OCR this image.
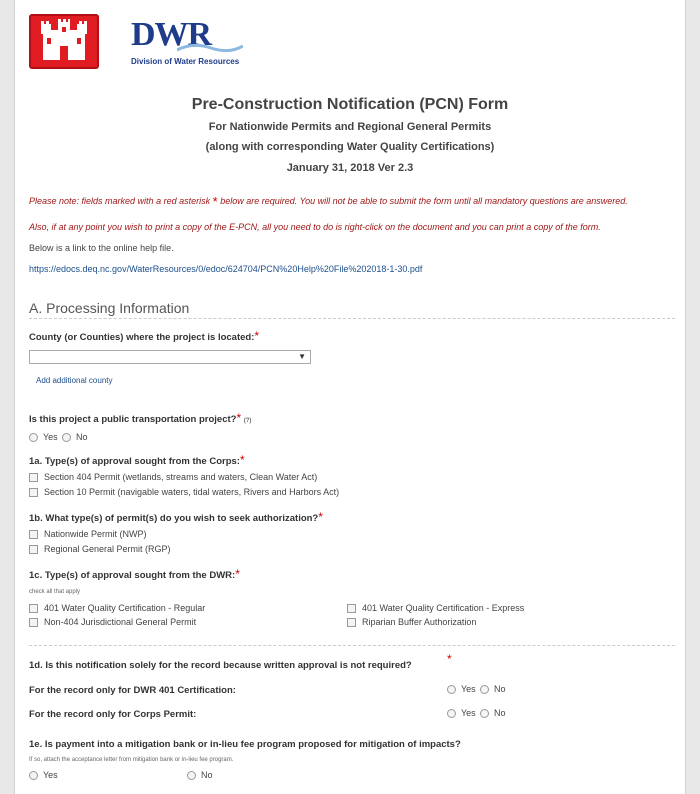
DWR
Division of Water Resources
Pre-Construction Notification (PCN) Form
For Nationwide Permits and Regional General Permits
(along with corresponding Water Quality Certifications)
January 31, 2018 Ver 2.3
Please note: fields marked with a red asterisk * below are required. You will not be able to submit the form until all mandatory questions are answered.
Also, if at any point you wish to print a copy of the E-PCN, all you need to do is right-click on the document and you can print a copy of the form.
Below is a link to the online help file.
https://edocs.deq.nc.gov/WaterResources/0/edoc/624704/PCN%20Help%20File%202018-1-30.pdf
A. Processing Information
County (or Counties) where the project is located:*
▼
Add additional county
Is this project a public transportation project?* (?)
Yes No
1a. Type(s) of approval sought from the Corps:*
Section 404 Permit (wetlands, streams and waters, Clean Water Act)
Section 10 Permit (navigable waters, tidal waters, Rivers and Harbors Act)
1b. What type(s) of permit(s) do you wish to seek authorization?*
Nationwide Permit (NWP)
Regional General Permit (RGP)
1c. Type(s) of approval sought from the DWR:*
check all that apply
401 Water Quality Certification - Regular	401 Water Quality Certification - Express
Non-404 Jurisdictional General Permit	Riparian Buffer Authorization
1d. Is this notification solely for the record because written approval is not required?	*
For the record only for DWR 401 Certification:	Yes No
For the record only for Corps Permit:	Yes No
1e. Is payment into a mitigation bank or in-lieu fee program proposed for mitigation of impacts?
If so, attach the acceptance letter from mitigation bank or in-lieu fee program.
Yes	No
